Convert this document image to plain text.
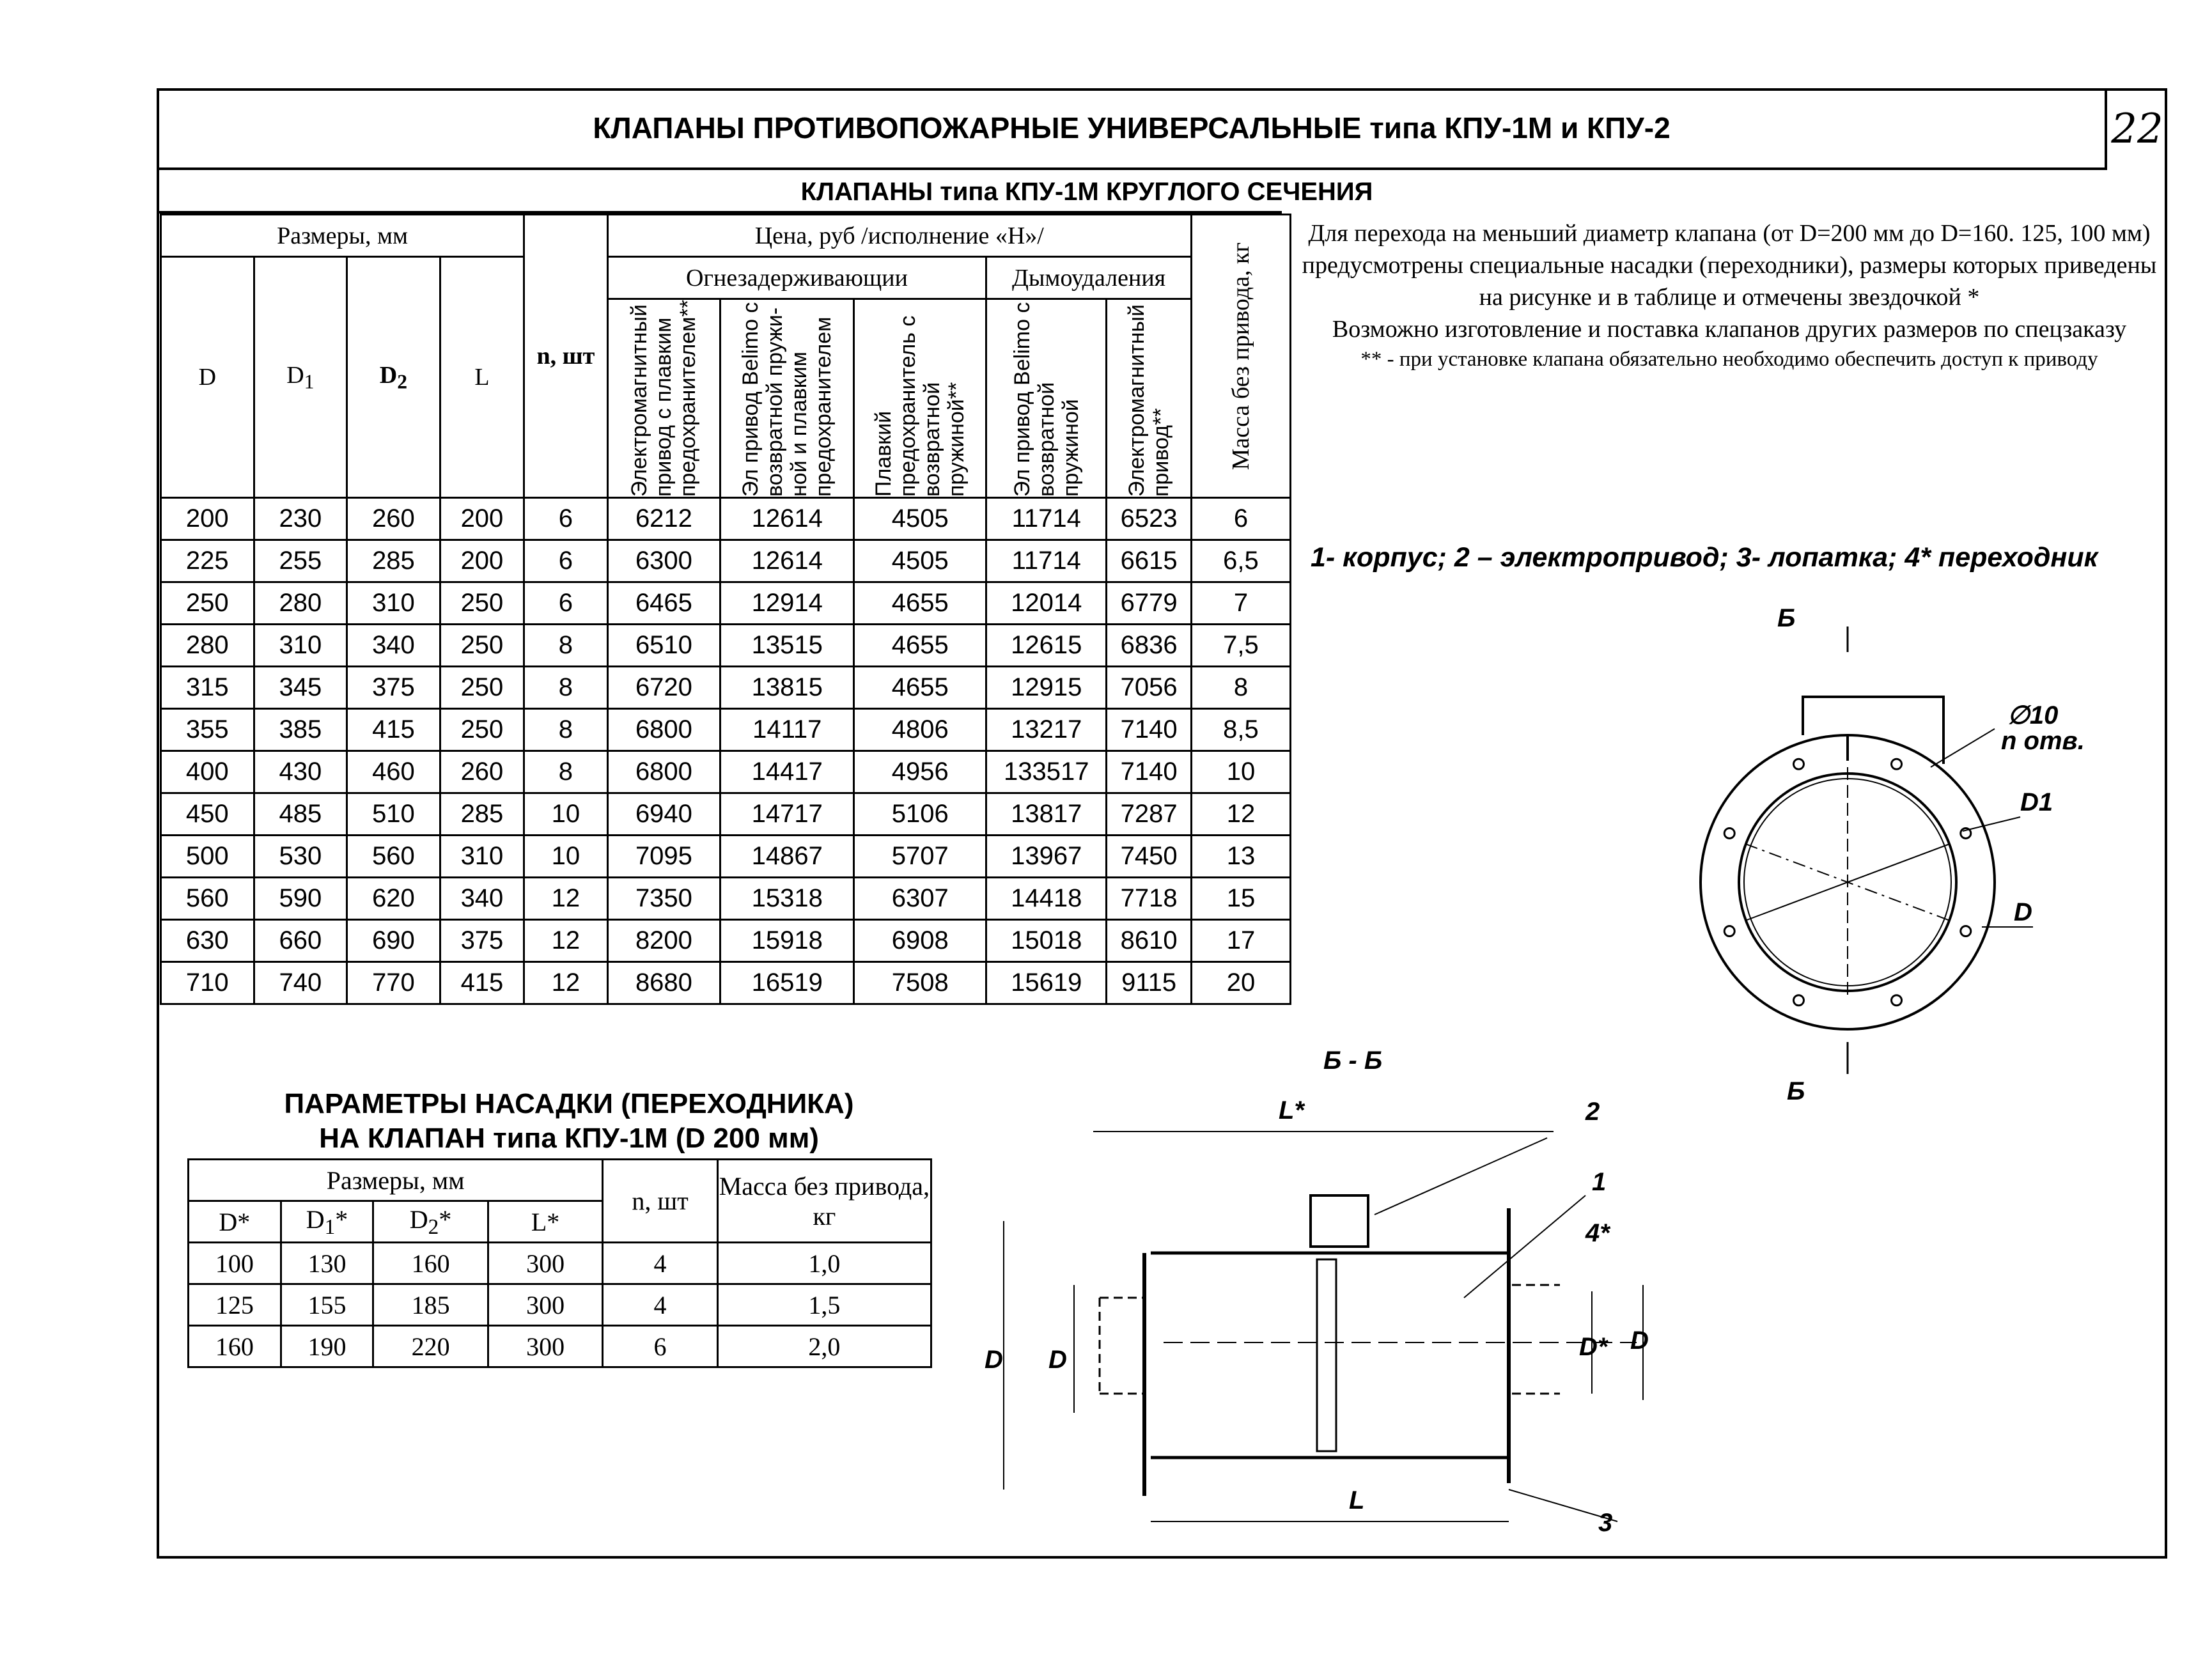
КЛАПАНЫ ПРОТИВОПОЖАРНЫЕ УНИВЕРСАЛЬНЫЕ типа КПУ-1М и КПУ-2	22
КЛАПАНЫ типа КПУ-1М КРУГЛОГО СЕЧЕНИЯ
Размеры, мм				n, шт	Цена, руб /исполнение «Н»/					Масса без привода, кг

D	$D_1$	$D_2$	L		Огнезадерживающии			Дымоудаления		

					Электромагнитный привод с плавким предохранителем**	Эл привод Belimo с возвратной пружи-ной и плавким предохранителем	Плавкий предохранитель с возвратной пружиной**	Эл привод Belimo с возвратной пружиной	Электромагнитный привод**	

200	230	260	200	6	6212	12614	4505	11714	6523	6
225	255	285	200	6	6300	12614	4505	11714	6615	6,5
250	280	310	250	6	6465	12914	4655	12014	6779	7
280	310	340	250	8	6510	13515	4655	12615	6836	7,5
315	345	375	250	8	6720	13815	4655	12915	7056	8
355	385	415	250	8	6800	14117	4806	13217	7140	8,5
400	430	460	260	8	6800	14417	4956	133517	7140	10
450	485	510	285	10	6940	14717	5106	13817	7287	12
500	530	560	310	10	7095	14867	5707	13967	7450	13
560	590	620	340	12	7350	15318	6307	14418	7718	15
630	660	690	375	12	8200	15918	6908	15018	8610	17
710	740	770	415	12	8680	16519	7508	15619	9115	20

Для перехода на меньший диаметр клапана (от D=200 мм до D=160. 125, 100 мм) предусмотрены специальные насадки (переходники), размеры которых приведены на рисунке и в таблице и отмечены звездочкой *

Возможно изготовление и поставка клапанов других размеров по спецзаказу

** - при установке клапана обязательно необходимо обеспечить доступ к приводу

1- корпус; 2 – электропривод; 3- лопатка; 4* переходник
ПАРАМЕТРЫ НАСАДКИ (ПЕРЕХОДНИКА)
НА КЛАПАН типа КПУ-1М (D 200 мм)
Размеры, мм				n, шт	Масса без привода, кг
D*	$D_1*$	$D_2*$	L*		
100	130	160	300	4	1,0
125	155	185	300	4	1,5
160	190	220	300	6	2,0
Б
Б
Б - Б
∅10
n отв.
D1
D
L*
L
2
1
4*
3
D D	D* D
